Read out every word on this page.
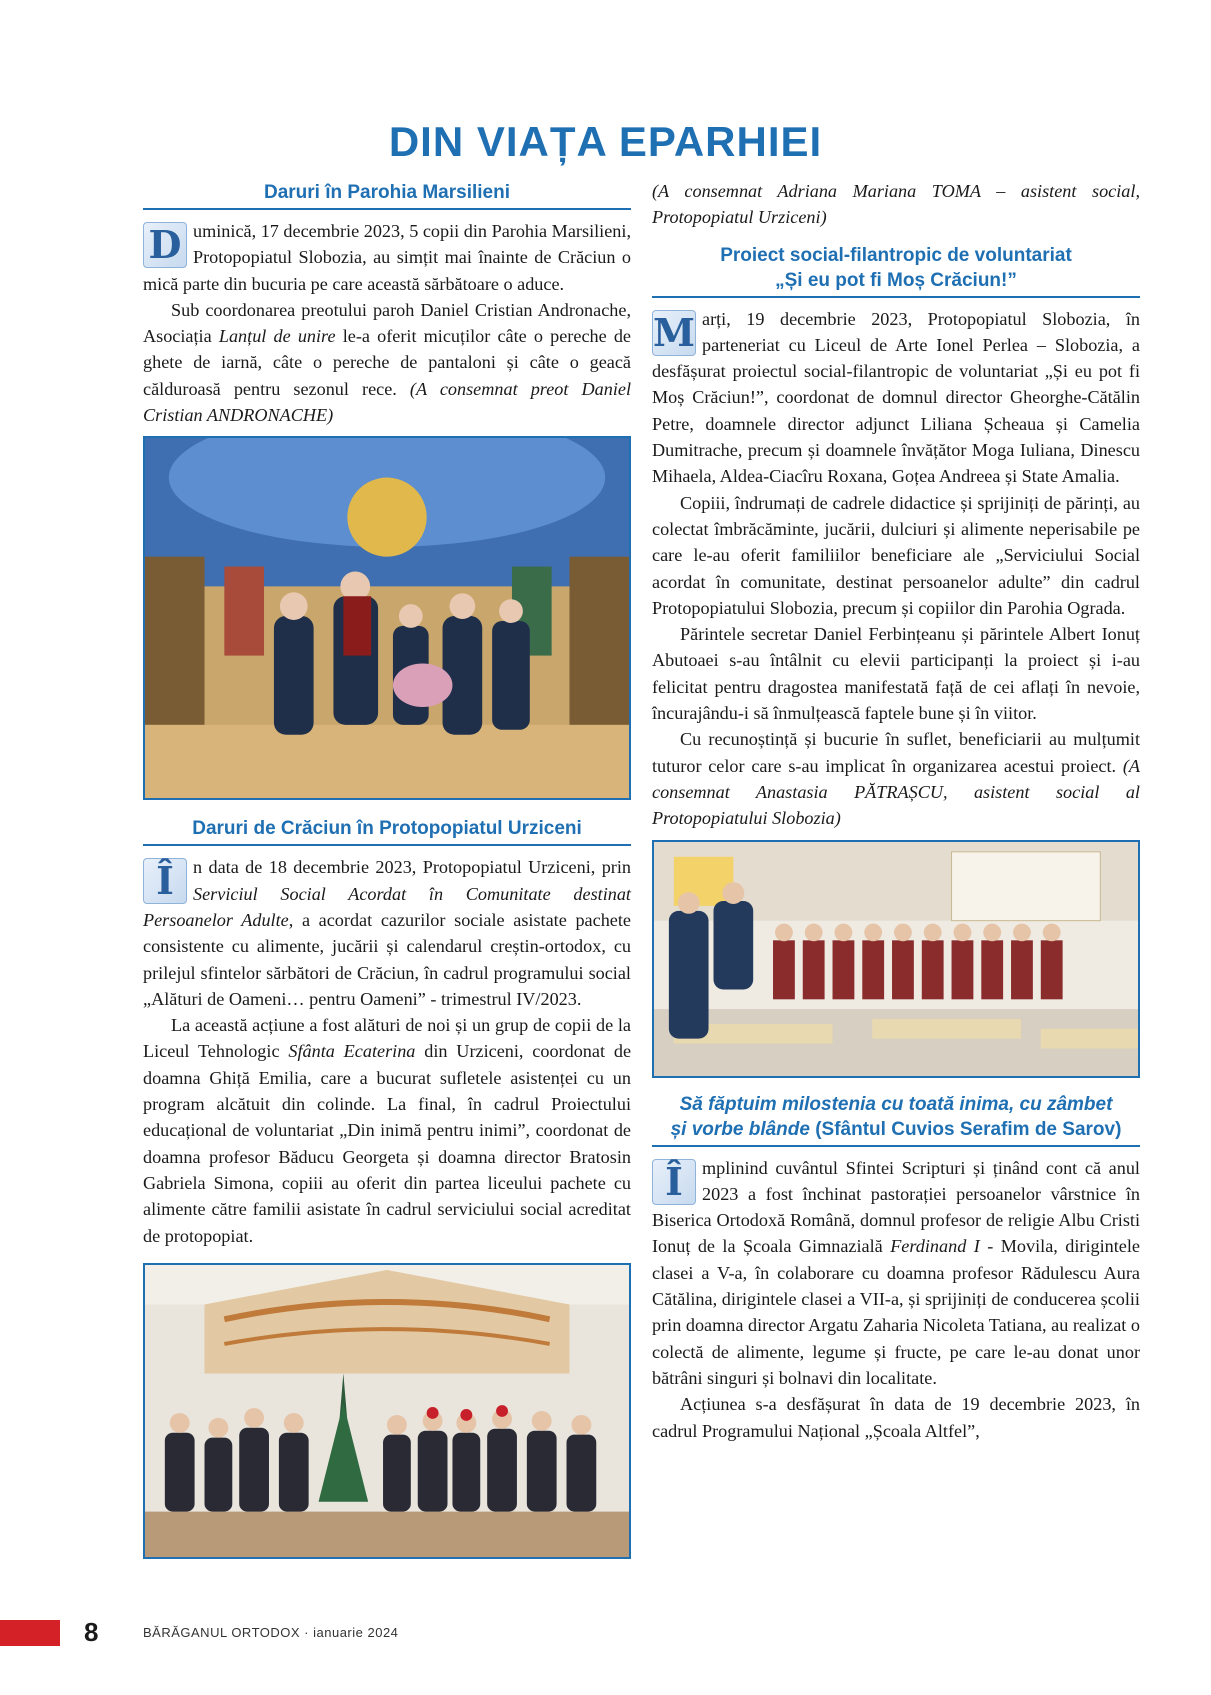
DIN VIAȚA EPARHIEI
Daruri în Parohia Marsilieni

D uminică, 17 decembrie 2023, 5 copii din Parohia Marsilieni, Protopopiatul Slobozia, au simțit mai înainte de Crăciun o mică parte din bucuria pe care această sărbătoare o aduce.

Sub coordonarea preotului paroh Daniel Cristian Andronache, Asociația Lanțul de unire le-a oferit micuților câte o pereche de ghete de iarnă, câte o pereche de pantaloni și câte o geacă călduroasă pentru sezonul rece. (A consemnat preot Daniel Cristian ANDRONACHE)

Daruri de Crăciun în Protopopiatul Urziceni

Î	n data de 18 decembrie 2023, Protopopiatul Urziceni, prin Serviciul Social Acordat în Comunitate destinat Persoanelor Adulte, a acordat cazurilor sociale asistate pachete consistente cu alimente, jucării și calendarul creștin-ortodox, cu prilejul sfintelor sărbători de Crăciun, în cadrul programului social „Alături de Oameni… pentru Oameni” - trimestrul IV/2023.

La această acțiune a fost alături de noi și un grup de copii de la Liceul Tehnologic Sfânta Ecaterina din Urziceni, coordonat de doamna Ghiță Emilia, care a bucurat sufletele asistenței cu un program alcătuit din colinde. La final, în cadrul Proiectului educațional de voluntariat „Din inimă pentru inimi”, coordonat de doamna profesor Băducu Georgeta și doamna director Bratosin Gabriela Simona, copiii au oferit din partea liceului pachete cu alimente către familii asistate în cadrul serviciului social acreditat de protopopiat.

(A consemnat Adriana Mariana TOMA – asistent social, Protopopiatul Urziceni)

Proiect social-filantropic de voluntariat
„Și eu pot fi Moș Crăciun!”

M arți, 19 decembrie 2023, Protopopiatul Slobozia, în parteneriat cu Liceul de Arte Ionel Perlea – Slobozia, a desfășurat proiectul social-filantropic de voluntariat „Și eu pot fi Moș Crăciun!”, coordonat de domnul director Gheorghe-Cătălin Petre, doamnele director adjunct Liliana Șcheaua și Camelia Dumitrache, precum și doamnele învățător Moga Iuliana, Dinescu Mihaela, Aldea-Ciacîru Roxana, Goțea Andreea și State Amalia.

Copiii, îndrumați de cadrele didactice și sprijiniți de părinți, au colectat îmbrăcăminte, jucării, dulciuri și alimente neperisabile pe care le-au oferit familiilor beneficiare ale „Serviciului Social acordat în comunitate, destinat persoanelor adulte” din cadrul Protopopiatului Slobozia, precum și copiilor din Parohia Ograda.

Părintele secretar Daniel Ferbințeanu și părintele Albert Ionuț Abutoaei s-au întâlnit cu elevii participanți la proiect și i-au felicitat pentru dragostea manifestată față de cei aflați în nevoie, încurajându-i să înmulțească faptele bune și în viitor.

Cu recunoștință și bucurie în suflet, beneficiarii au mulțumit tuturor celor care s-au implicat în organizarea acestui proiect. (A consemnat Anastasia PĂTRAȘCU, asistent social al Protopopiatului Slobozia)

Să făptuim milostenia cu toată inima, cu zâmbet
și vorbe blânde (Sfântul Cuvios Serafim de Sarov)

Î	mplinind cuvântul Sfintei Scripturi și ținând cont că anul 2023 a fost închinat pastorației persoanelor vârstnice în Biserica Ortodoxă Română, domnul profesor de religie Albu Cristi Ionuț de la Școala Gimnazială Ferdinand I - Movila, dirigintele clasei a V-a, în colaborare cu doamna profesor Rădulescu Aura Cătălina, dirigintele clasei a VII-a, și sprijiniți de conducerea școlii prin doamna director Argatu Zaharia Nicoleta Tatiana, au realizat o colectă de alimente, legume și fructe, pe care le-au donat unor bătrâni singuri și bolnavi din localitate.

Acțiunea s-a desfășurat în data de 19 decembrie 2023, în cadrul Programului Național „Școala Altfel”,

8	BĂRĂGANUL ORTODOX · ianuarie 2024
